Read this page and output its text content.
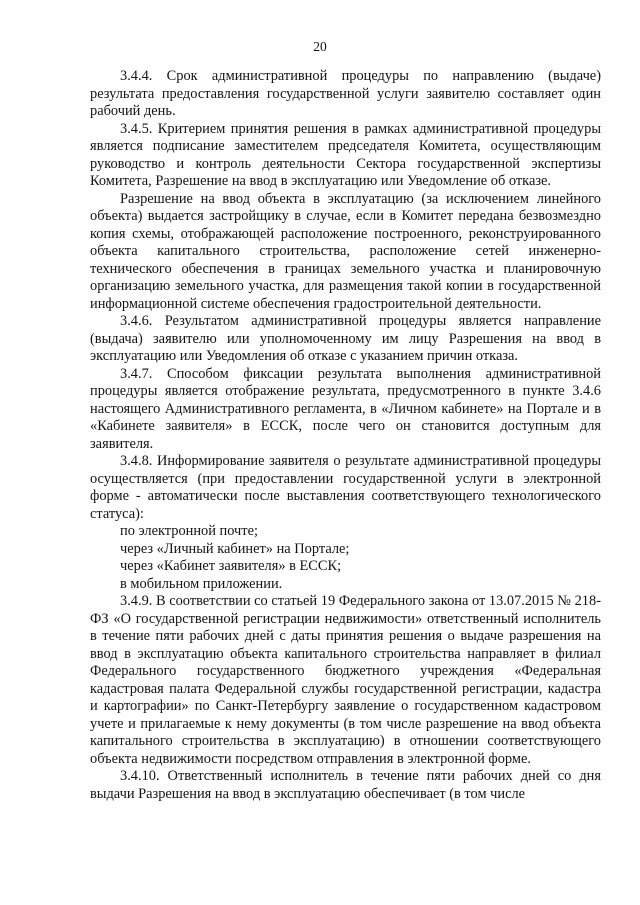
20

3.4.4. Срок административной процедуры по направлению (выдаче) результата предоставления государственной услуги заявителю составляет один рабочий день.

3.4.5. Критерием принятия решения в рамках административной процедуры является подписание заместителем председателя Комитета, осуществляющим руководство и контроль деятельности Сектора государственной экспертизы Комитета, Разрешение на ввод в эксплуатацию или Уведомление об отказе.

Разрешение на ввод объекта в эксплуатацию (за исключением линейного объекта) выдается застройщику в случае, если в Комитет передана безвозмездно копия схемы, отображающей расположение построенного, реконструированного объекта капитального строительства, расположение сетей инженерно-технического обеспечения в границах земельного участка и планировочную организацию земельного участка, для размещения такой копии в государственной информационной системе обеспечения градостроительной деятельности.

3.4.6. Результатом административной процедуры является направление (выдача) заявителю или уполномоченному им лицу Разрешения на ввод в эксплуатацию или Уведомления об отказе с указанием причин отказа.

3.4.7. Способом фиксации результата выполнения административной процедуры является отображение результата, предусмотренного в пункте 3.4.6 настоящего Административного регламента, в «Личном кабинете» на Портале и в «Кабинете заявителя» в ЕССК, после чего он становится доступным для заявителя.

3.4.8. Информирование заявителя о результате административной процедуры осуществляется (при предоставлении государственной услуги в электронной форме - автоматически после выставления соответствующего технологического статуса):

по электронной почте;

через «Личный кабинет» на Портале;

через «Кабинет заявителя» в ЕССК;

в мобильном приложении.

3.4.9. В соответствии со статьей 19 Федерального закона от 13.07.2015 № 218-ФЗ «О государственной регистрации недвижимости» ответственный исполнитель в течение пяти рабочих дней с даты принятия решения о выдаче разрешения на ввод в эксплуатацию объекта капитального строительства направляет в филиал Федерального государственного бюджетного учреждения «Федеральная кадастровая палата Федеральной службы государственной регистрации, кадастра и картографии» по Санкт-Петербургу заявление о государственном кадастровом учете и прилагаемые к нему документы (в том числе разрешение на ввод объекта капитального строительства в эксплуатацию) в отношении соответствующего объекта недвижимости посредством отправления в электронной форме.

3.4.10. Ответственный исполнитель в течение пяти рабочих дней со дня выдачи Разрешения на ввод в эксплуатацию обеспечивает (в том числе
